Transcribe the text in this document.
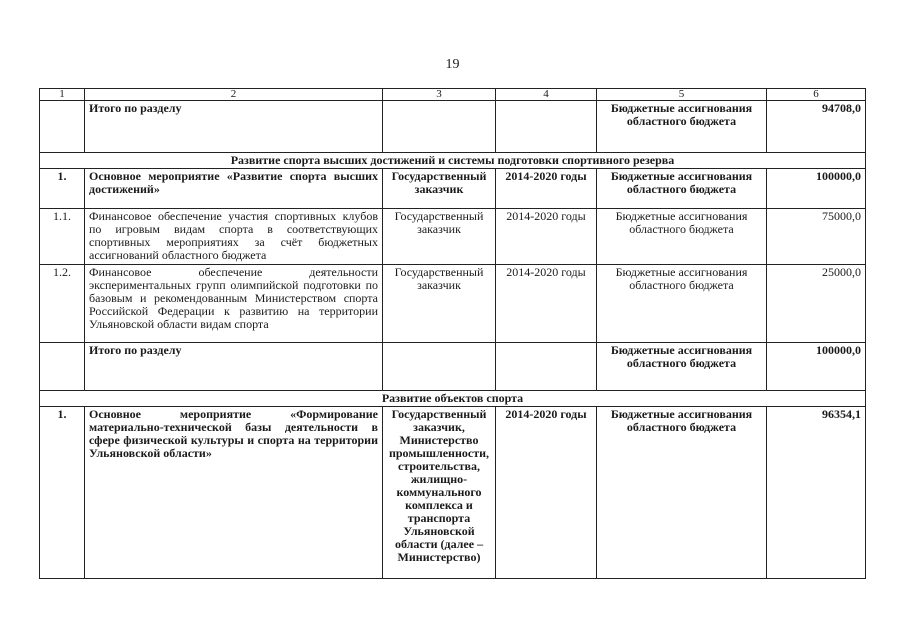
19
1	2	3	4	5	6
	Итого по разделу			Бюджетные ассигнования областного бюджета	94708,0
Развитие спорта высших достижений и системы подготовки спортивного резерва					
1.	Основное мероприятие «Развитие спорта высших достижений»	Государственный заказчик	2014-2020 годы	Бюджетные ассигнования областного бюджета	100000,0
1.1.	Финансовое обеспечение участия спортивных клубов по игровым видам спорта в соответствующих спортивных мероприятиях за счёт бюджетных ассигнований областного бюджета	Государственный заказчик	2014-2020 годы	Бюджетные ассигнования областного бюджета	75000,0
1.2.	Финансовое обеспечение деятельности экспериментальных групп олимпийской подготовки по базовым и рекомендованным Министерством спорта Российской Федерации к развитию на территории Ульяновской области видам спорта	Государственный заказчик	2014-2020 годы	Бюджетные ассигнования областного бюджета	25000,0
	Итого по разделу			Бюджетные ассигнования областного бюджета	100000,0
Развитие объектов спорта					
1.	Основное мероприятие «Формирование материально-технической базы деятельности в сфере физической культуры и спорта на территории Ульяновской области»	Государственный заказчик, Министерство промышленности, строительства, жилищно-коммунального комплекса и транспорта Ульяновской области (далее – Министерство)	2014-2020 годы	Бюджетные ассигнования областного бюджета	96354,1
